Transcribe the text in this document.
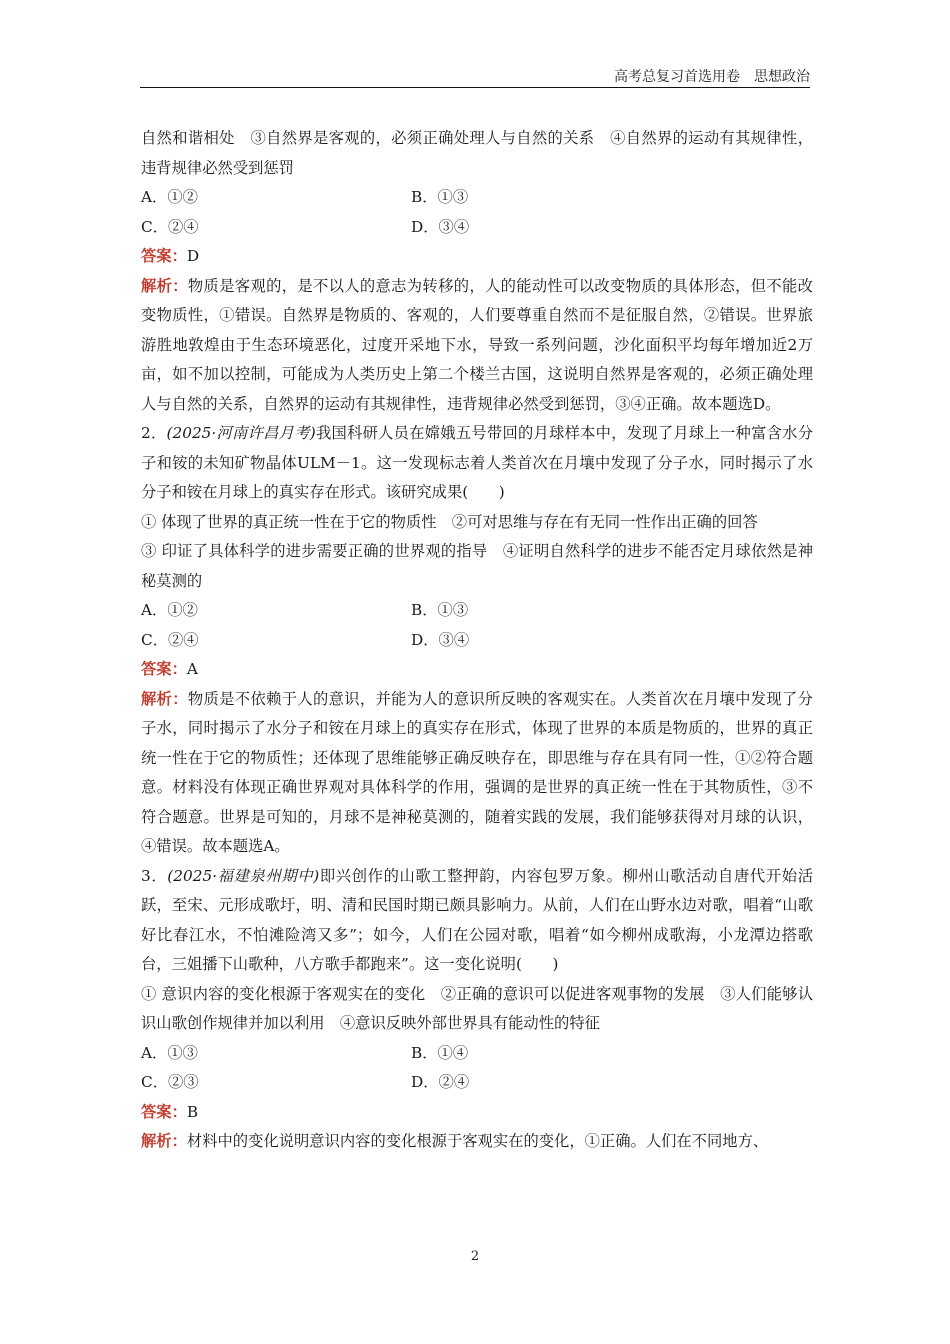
高考总复习首选用卷　思想政治

自然和谐相处　③自然界是客观的，必须正确处理人与自然的关系　④自然界的运动有其规律性，违背规律必然受到惩罚

A．①②	B．①③
C．②④	D．③④

答案：D

解析：物质是客观的，是不以人的意志为转移的，人的能动性可以改变物质的具体形态，但不能改变物质性，①错误。自然界是物质的、客观的，人们要尊重自然而不是征服自然，②错误。世界旅游胜地敦煌由于生态环境恶化，过度开采地下水，导致一系列问题，沙化面积平均每年增加近2万亩，如不加以控制，可能成为人类历史上第二个楼兰古国，这说明自然界是客观的，必须正确处理人与自然的关系，自然界的运动有其规律性，违背规律必然受到惩罚，③④正确。故本题选D。

2．(2025·河南许昌月考)我国科研人员在嫦娥五号带回的月球样本中，发现了月球上一种富含水分子和铵的未知矿物晶体ULM－1。这一发现标志着人类首次在月壤中发现了分子水，同时揭示了水分子和铵在月球上的真实存在形式。该研究成果(　　)

① 体现了世界的真正统一性在于它的物质性　②可对思维与存在有无同一性作出正确的回答

③ 印证了具体科学的进步需要正确的世界观的指导　④证明自然科学的进步不能否定月球依然是神秘莫测的

A．①②	B．①③
C．②④	D．③④

答案：A

解析：物质是不依赖于人的意识，并能为人的意识所反映的客观实在。人类首次在月壤中发现了分子水，同时揭示了水分子和铵在月球上的真实存在形式，体现了世界的本质是物质的，世界的真正统一性在于它的物质性；还体现了思维能够正确反映存在，即思维与存在具有同一性，①②符合题意。材料没有体现正确世界观对具体科学的作用，强调的是世界的真正统一性在于其物质性，③不符合题意。世界是可知的，月球不是神秘莫测的，随着实践的发展，我们能够获得对月球的认识，④错误。故本题选A。

3．(2025·福建泉州期中)即兴创作的山歌工整押韵，内容包罗万象。柳州山歌活动自唐代开始活跃，至宋、元形成歌圩，明、清和民国时期已颇具影响力。从前，人们在山野水边对歌，唱着“山歌好比春江水，不怕滩险湾又多”；如今，人们在公园对歌，唱着“如今柳州成歌海，小龙潭边搭歌台，三姐播下山歌种，八方歌手都跑来”。这一变化说明(　　)

① 意识内容的变化根源于客观实在的变化　②正确的意识可以促进客观事物的发展　③人们能够认识山歌创作规律并加以利用　④意识反映外部世界具有能动性的特征

A．①③	B．①④
C．②③	D．②④

答案：B

解析：材料中的变化说明意识内容的变化根源于客观实在的变化，①正确。人们在不同地方、

2
